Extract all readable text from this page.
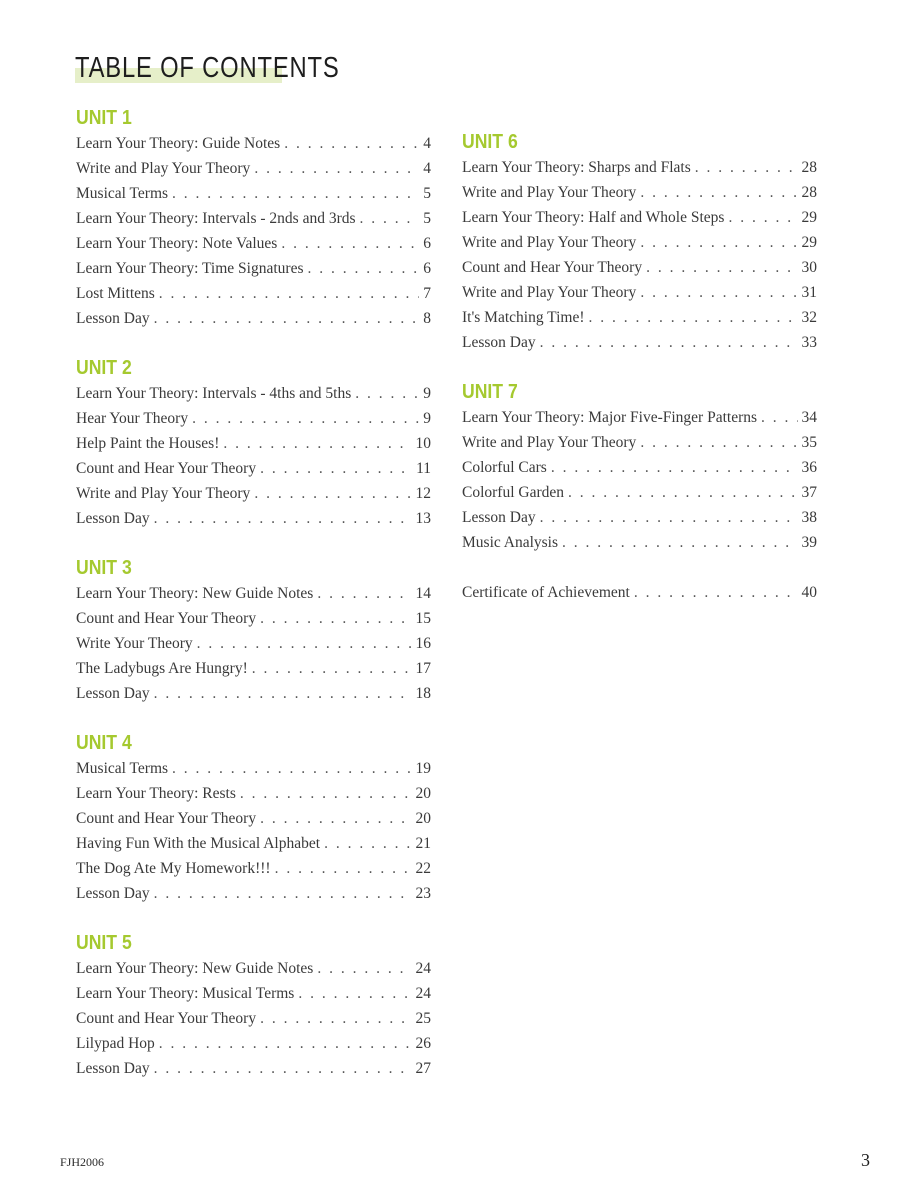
TABLE OF CONTENTS
UNIT 1
Learn Your Theory: Guide Notes . . .	4
Write and Play Your Theory . . .	4
Musical Terms . . .	5
Learn Your Theory: Intervals - 2nds and 3rds . . .	5
Learn Your Theory: Note Values . . .	6
Learn Your Theory: Time Signatures . . .	6
Lost Mittens . . .	7
Lesson Day . . .	8
UNIT 2
Learn Your Theory: Intervals - 4ths and 5ths . . .	9
Hear Your Theory . . .	9
Help Paint the Houses! . . .	10
Count and Hear Your Theory . . .	11
Write and Play Your Theory . . .	12
Lesson Day . . .	13
UNIT 3
Learn Your Theory: New Guide Notes . . .	14
Count and Hear Your Theory . . .	15
Write Your Theory . . .	16
The Ladybugs Are Hungry! . . .	17
Lesson Day . . .	18
UNIT 4
Musical Terms . . .	19
Learn Your Theory: Rests . . .	20
Count and Hear Your Theory . . .	20
Having Fun With the Musical Alphabet . . .	21
The Dog Ate My Homework!!! . . .	22
Lesson Day . . .	23
UNIT 5
Learn Your Theory: New Guide Notes . . .	24
Learn Your Theory: Musical Terms . . .	24
Count and Hear Your Theory . . .	25
Lilypad Hop . . .	26
Lesson Day . . .	27
UNIT 6
Learn Your Theory: Sharps and Flats . . .	28
Write and Play Your Theory . . .	28
Learn Your Theory: Half and Whole Steps . . .	29
Write and Play Your Theory . . .	29
Count and Hear Your Theory . . .	30
Write and Play Your Theory . . .	31
It's Matching Time! . . .	32
Lesson Day . . .	33
UNIT 7
Learn Your Theory: Major Five-Finger Patterns . . .	34
Write and Play Your Theory . . .	35
Colorful Cars . . .	36
Colorful Garden . . .	37
Lesson Day . . .	38
Music Analysis . . .	39
Certificate of Achievement . . .	40
FJH2006	3
